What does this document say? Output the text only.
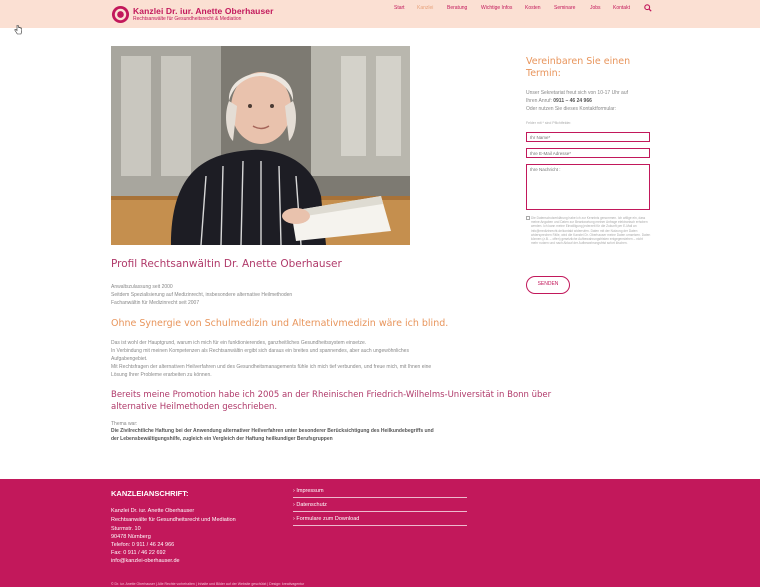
Kanzlei Dr. iur. Anette Oberhauser
Rechtsanwälte für Gesundheitsrecht & Mediation
Start Kanzlei	Beratung	Wichtige Infos	Kosten	Seminare	Jobs Kontakt
Profil Rechtsanwältin Dr. Anette Oberhauser
Anwaltszulassung seit 2000
Seitdem Spezialisierung auf Medizinrecht, insbesondere alternative Heilmethoden
Fachanwältin für Medizinrecht seit 2007
Ohne Synergie von Schulmedizin und Alternativmedizin wäre ich blind.
Das ist wohl der Hauptgrund, warum ich mich für ein funktionierendes, ganzheitliches Gesundheitssystem einsetze.
In Verbindung mit meinen Kompetenzen als Rechtsanwältin ergibt sich daraus ein breites und spannendes, aber auch ungewöhnliches
Aufgabengebiet.
Mit Rechtsfragen der alternativen Heilverfahren und des Gesundheitsmanagements fühle ich mich tief verbunden, und freue mich, mit Ihnen eine
Lösung Ihrer Probleme erarbeiten zu können.
Bereits meine Promotion habe ich 2005 an der Rheinischen Friedrich-Wilhelms-Universität in Bonn über
alternative Heilmethoden geschrieben.
Thema war:
Die Zivilrechtliche Haftung bei der Anwendung alternativer Heilverfahren unter besonderer Berücksichtigung des Heilkundebegriffs und
der Lebensbewältigungshilfe, zugleich ein Vergleich der Haftung heilkundiger Berufsgruppen
Vereinbaren Sie einen
Termin:
Unser Sekretariat freut sich von 10-17 Uhr auf
Ihren Anruf: 0911 – 46 24 966
Oder nutzen Sie dieses Kontaktformular:
Felder mit * sind Pflichtfelder.
Ihr Name*
Ihre E-Mail Adresse*
Ihre Nachricht :
Die Datenschutzerklärung habe ich zur Kenntnis genommen. Ich willige ein, dass meine Angaben und Daten zur Beantwortung meiner Anfrage elektronisch erhoben werden. Ich kann meine Einwilligung jederzeit für die Zukunft per E-Mail an info@medizinrecht.de/kontakt widerrufen. Daten mit der Nutzung der Daten widersprechen Fälle, wird die Kanzlei Dr. Oberhauser meine Daten umsetzen. Daten können (z.B. – offen) gesetzliche Aufbewahrungsfristen entgegenstehen – nicht mehr nutzen und nach Ablauf der Aufbewahrungsfrist sofort löschen.
SENDEN
KANZLEIANSCHRIFT:
Kanzlei Dr. iur. Anette Oberhauser
Rechtsanwälte für Gesundheitsrecht und Mediation
Sturmstr. 10
90478 Nürnberg
Telefon: 0 911 / 46 24 966
Fax: 0 911 / 46 22 692
info@kanzlei-oberhauser.de
› Impressum
› Datenschutz
› Formulare zum Download
© Dr. iur. Anette Oberhauser | Alle Rechte vorbehalten | Inhalte und Bilder auf der Website geschützt | Design: kreativagentur
